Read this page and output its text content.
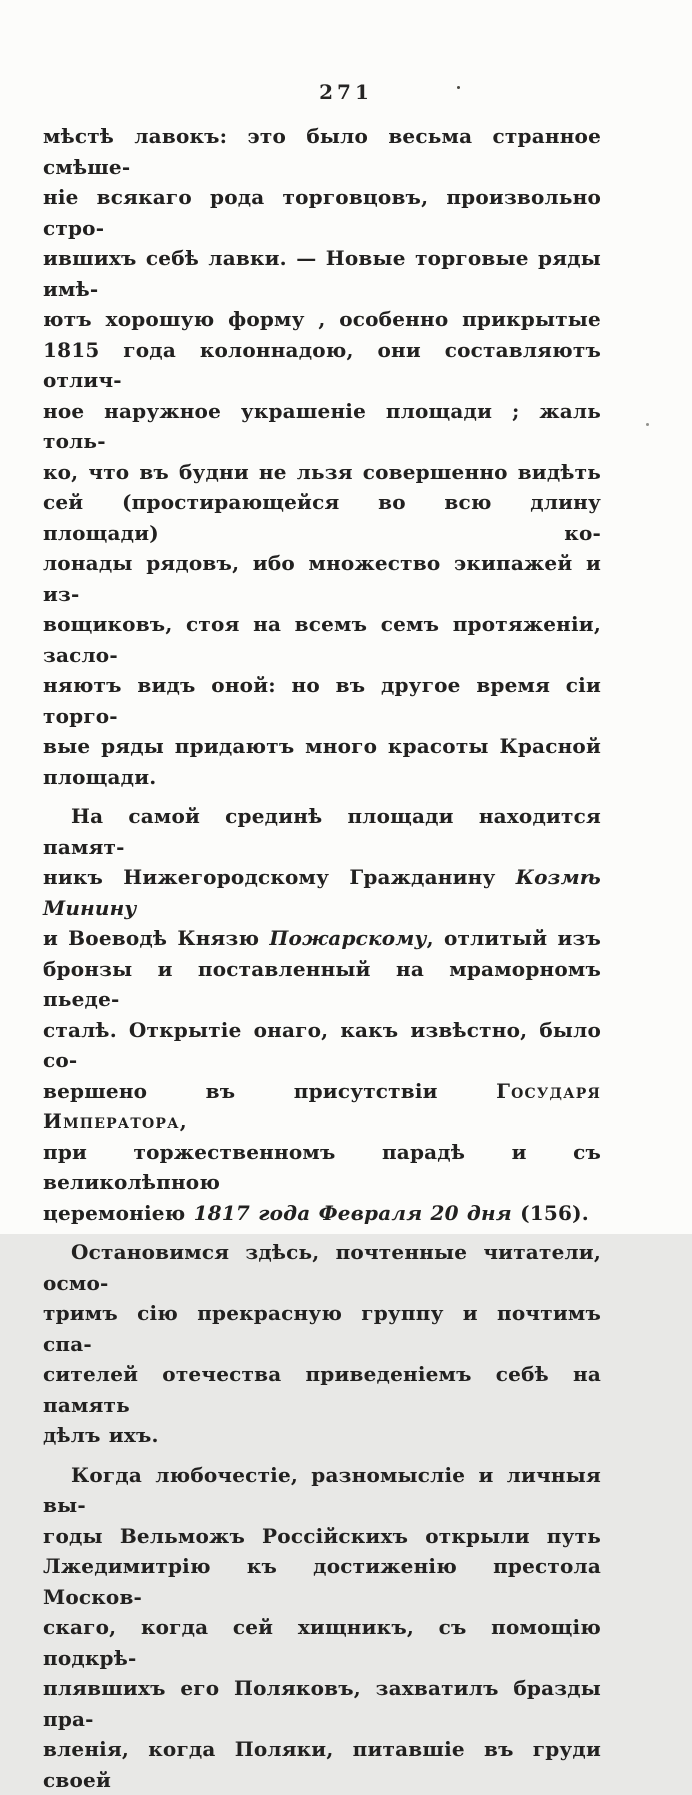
271
мѣстѣ лавокъ: это было весьма странное смѣше-
ніе всякаго рода торговцовъ, произвольно стро-
ившихъ себѣ лавки. — Новые торговые ряды имѣ-
ютъ хорошую форму , особенно прикрытые
1815 года колоннадою, они составляютъ отлич-
ное наружное украшеніе площади ; жаль толь-
ко, что въ будни не льзя совершенно видѣть
сей (простирающейся во всю длину площади) ко-
лонады рядовъ, ибо множество экипажей и из-
вощиковъ, стоя на всемъ семъ протяженіи, засло-
няютъ видъ оной: но въ другое время сіи торго-
вые ряды придаютъ много красоты Красной
площади.
На самой срединѣ площади находится памят-
никъ Нижегородскому Гражданину Козмѣ Минину
и Воеводѣ Князю Пожарскому, отлитый изъ
бронзы и поставленный на мраморномъ пьеде-
сталѣ. Открытіе онаго, какъ извѣстно, было со-
вершено въ присутствіи Государя Императора,
при торжественномъ парадѣ и съ великолѣпною
церемоніею 1817 года Февраля 20 дня (156).
Остановимся здѣсь, почтенные читатели, осмо-
тримъ сію прекрасную группу и почтимъ спа-
сителей отечества приведеніемъ себѣ на память
дѣлъ ихъ.
Когда любочестіе, разномысліе и личныя вы-
годы Вельможъ Россійскихъ открыли путь
Лжедимитрію къ достиженію престола Москов-
скаго, когда сей хищникъ, съ помощію подкрѣ-
плявшихъ его Поляковъ, захватилъ бразды пра-
вленія, когда Поляки, питавшіе въ груди своей
